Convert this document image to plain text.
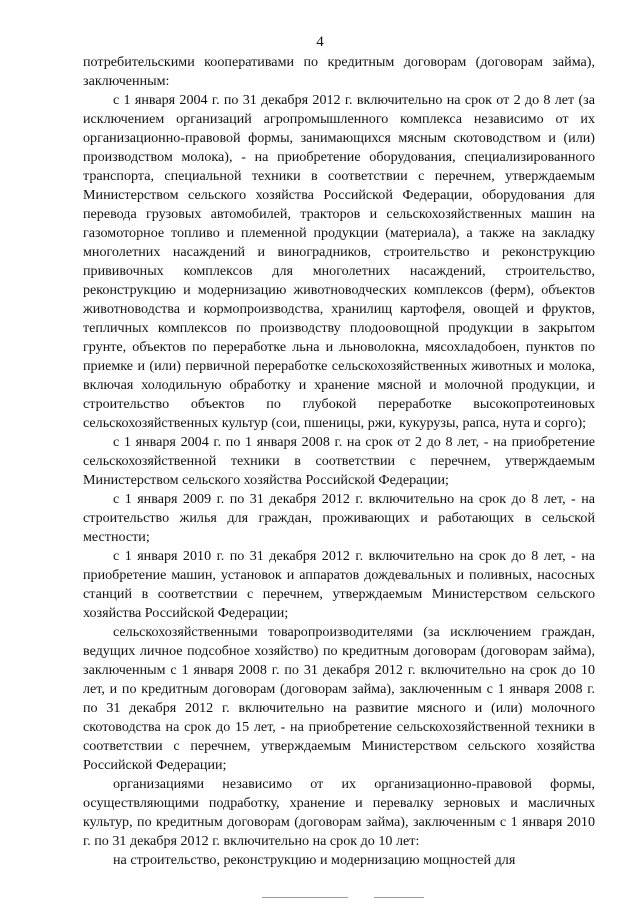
4

потребительскими кооперативами по кредитным договорам (договорам займа), заключенным:

с 1 января 2004 г. по 31 декабря 2012 г. включительно на срок от 2 до 8 лет (за исключением организаций агропромышленного комплекса независимо от их организационно-правовой формы, занимающихся мясным скотоводством и (или) производством молока), - на приобретение оборудования, специализированного транспорта, специальной техники в соответствии с перечнем, утверждаемым Министерством сельского хозяйства Российской Федерации, оборудования для перевода грузовых автомобилей, тракторов и сельскохозяйственных машин на газомоторное топливо и племенной продукции (материала), а также на закладку многолетних насаждений и виноградников, строительство и реконструкцию прививочных комплексов для многолетних насаждений, строительство, реконструкцию и модернизацию животноводческих комплексов (ферм), объектов животноводства и кормопроизводства, хранилищ картофеля, овощей и фруктов, тепличных комплексов по производству плодоовощной продукции в закрытом грунте, объектов по переработке льна и льноволокна, мясохладобоен, пунктов по приемке и (или) первичной переработке сельскохозяйственных животных и молока, включая холодильную обработку и хранение мясной и молочной продукции, и строительство объектов по глубокой переработке высокопротеиновых сельскохозяйственных культур (сои, пшеницы, ржи, кукурузы, рапса, нута и сорго);

с 1 января 2004 г. по 1 января 2008 г. на срок от 2 до 8 лет, - на приобретение сельскохозяйственной техники в соответствии с перечнем, утверждаемым Министерством сельского хозяйства Российской Федерации;

с 1 января 2009 г. по 31 декабря 2012 г. включительно на срок до 8 лет, - на строительство жилья для граждан, проживающих и работающих в сельской местности;

с 1 января 2010 г. по 31 декабря 2012 г. включительно на срок до 8 лет, - на приобретение машин, установок и аппаратов дождевальных и поливных, насосных станций в соответствии с перечнем, утверждаемым Министерством сельского хозяйства Российской Федерации;

сельскохозяйственными товаропроизводителями (за исключением граждан, ведущих личное подсобное хозяйство) по кредитным договорам (договорам займа), заключенным с 1 января 2008 г. по 31 декабря 2012 г. включительно на срок до 10 лет, и по кредитным договорам (договорам займа), заключенным с 1 января 2008 г. по 31 декабря 2012 г. включительно на развитие мясного и (или) молочного скотоводства на срок до 15 лет, - на приобретение сельскохозяйственной техники в соответствии с перечнем, утверждаемым Министерством сельского хозяйства Российской Федерации;

организациями независимо от их организационно-правовой формы, осуществляющими подработку, хранение и перевалку зерновых и масличных культур, по кредитным договорам (договорам займа), заключенным с 1 января 2010 г. по 31 декабря 2012 г. включительно на срок до 10 лет:

на строительство, реконструкцию и модернизацию мощностей для
